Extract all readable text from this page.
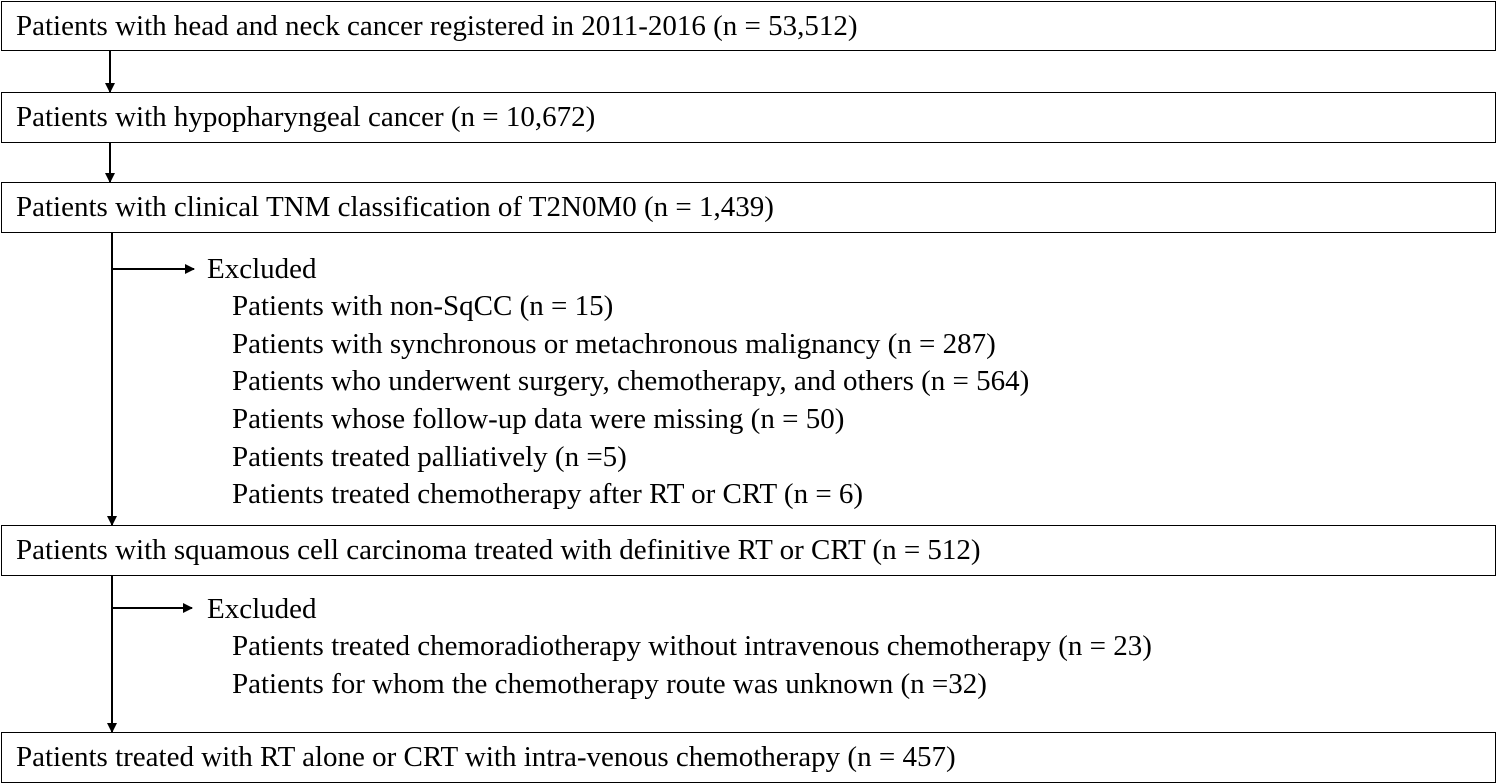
Patients with head and neck cancer registered in 2011-2016 (n = 53,512)
Patients with hypopharyngeal cancer (n = 10,672)
Patients with clinical TNM classification of T2N0M0 (n = 1,439)
Patients with squamous cell carcinoma treated with definitive RT or CRT (n = 512)
Patients treated with RT alone or CRT with intra-venous chemotherapy (n = 457)
Excluded
Patients with non-SqCC (n = 15)
Patients with synchronous or metachronous malignancy (n = 287)
Patients who underwent surgery, chemotherapy, and others (n = 564)
Patients whose follow-up data were missing (n = 50)
Patients treated palliatively (n =5)
Patients treated chemotherapy after RT or CRT (n = 6)
Excluded
Patients treated chemoradiotherapy without intravenous chemotherapy (n = 23)
Patients for whom the chemotherapy route was unknown (n =32)
